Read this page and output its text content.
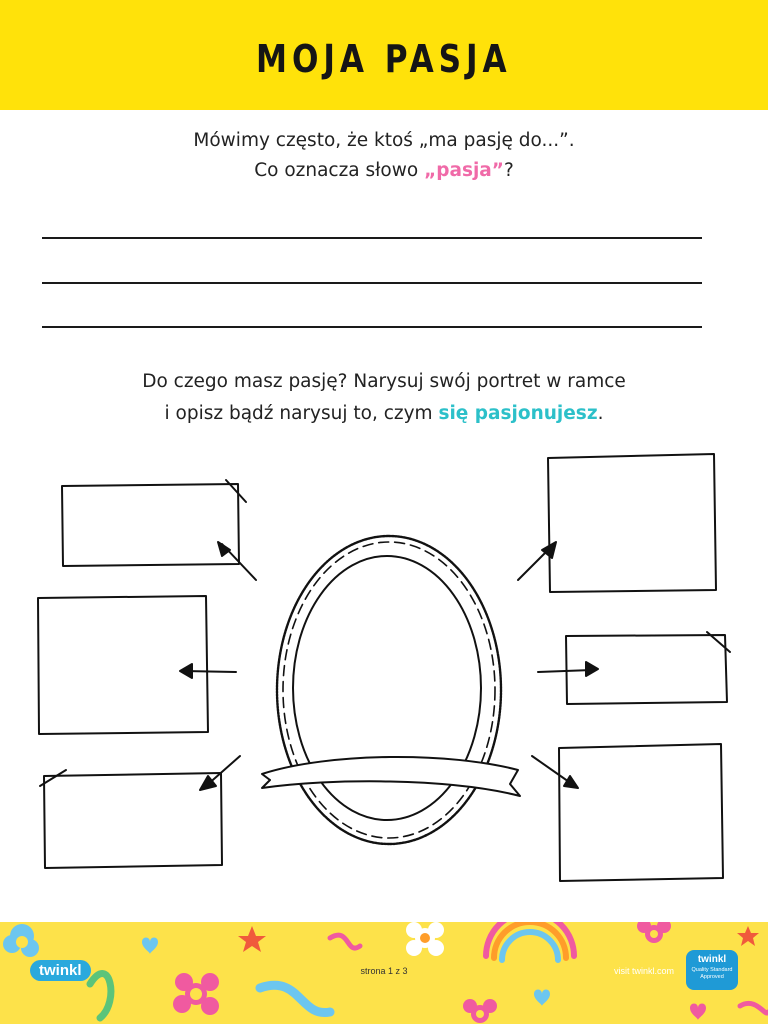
MOJA PASJA
Mówimy często, że ktoś „ma pasję do...”.
Co oznacza słowo „pasja”?
Do czego masz pasję? Narysuj swój portret w ramce
i opisz bądź narysuj to, czym się pasjonujesz.
twinkl	strona 1 z 3	visit twinkl.com
twinkl
Quality Standard Approved
